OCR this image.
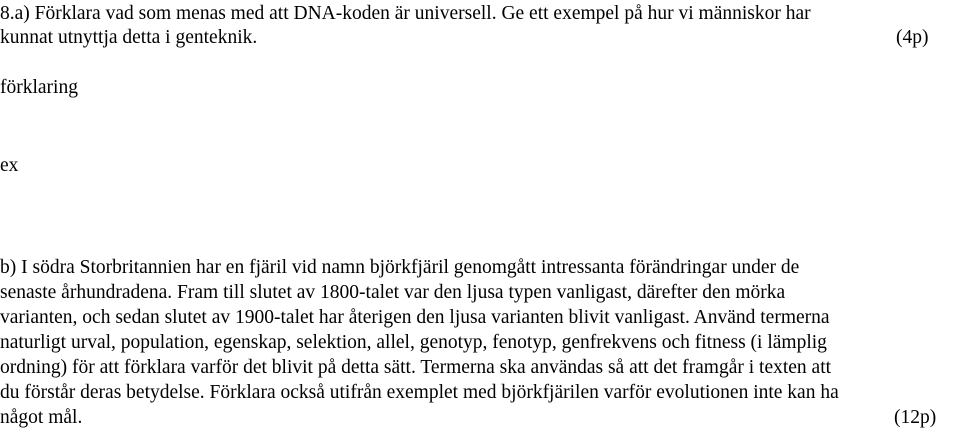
8.a) Förklara vad som menas med att DNA-koden är universell. Ge ett exempel på hur vi människor har
kunnat utnyttja detta i genteknik.	(4p)
förklaring
ex
b) I södra Storbritannien har en fjäril vid namn björkfjäril genomgått intressanta förändringar under de
senaste århundradena. Fram till slutet av 1800-talet var den ljusa typen vanligast, därefter den mörka
varianten, och sedan slutet av 1900-talet har återigen den ljusa varianten blivit vanligast. Använd termerna
naturligt urval, population, egenskap, selektion, allel, genotyp, fenotyp, genfrekvens och fitness (i lämplig
ordning) för att förklara varför det blivit på detta sätt. Termerna ska användas så att det framgår i texten att
du förstår deras betydelse. Förklara också utifrån exemplet med björkfjärilen varför evolutionen inte kan ha
något mål.	(12p)
